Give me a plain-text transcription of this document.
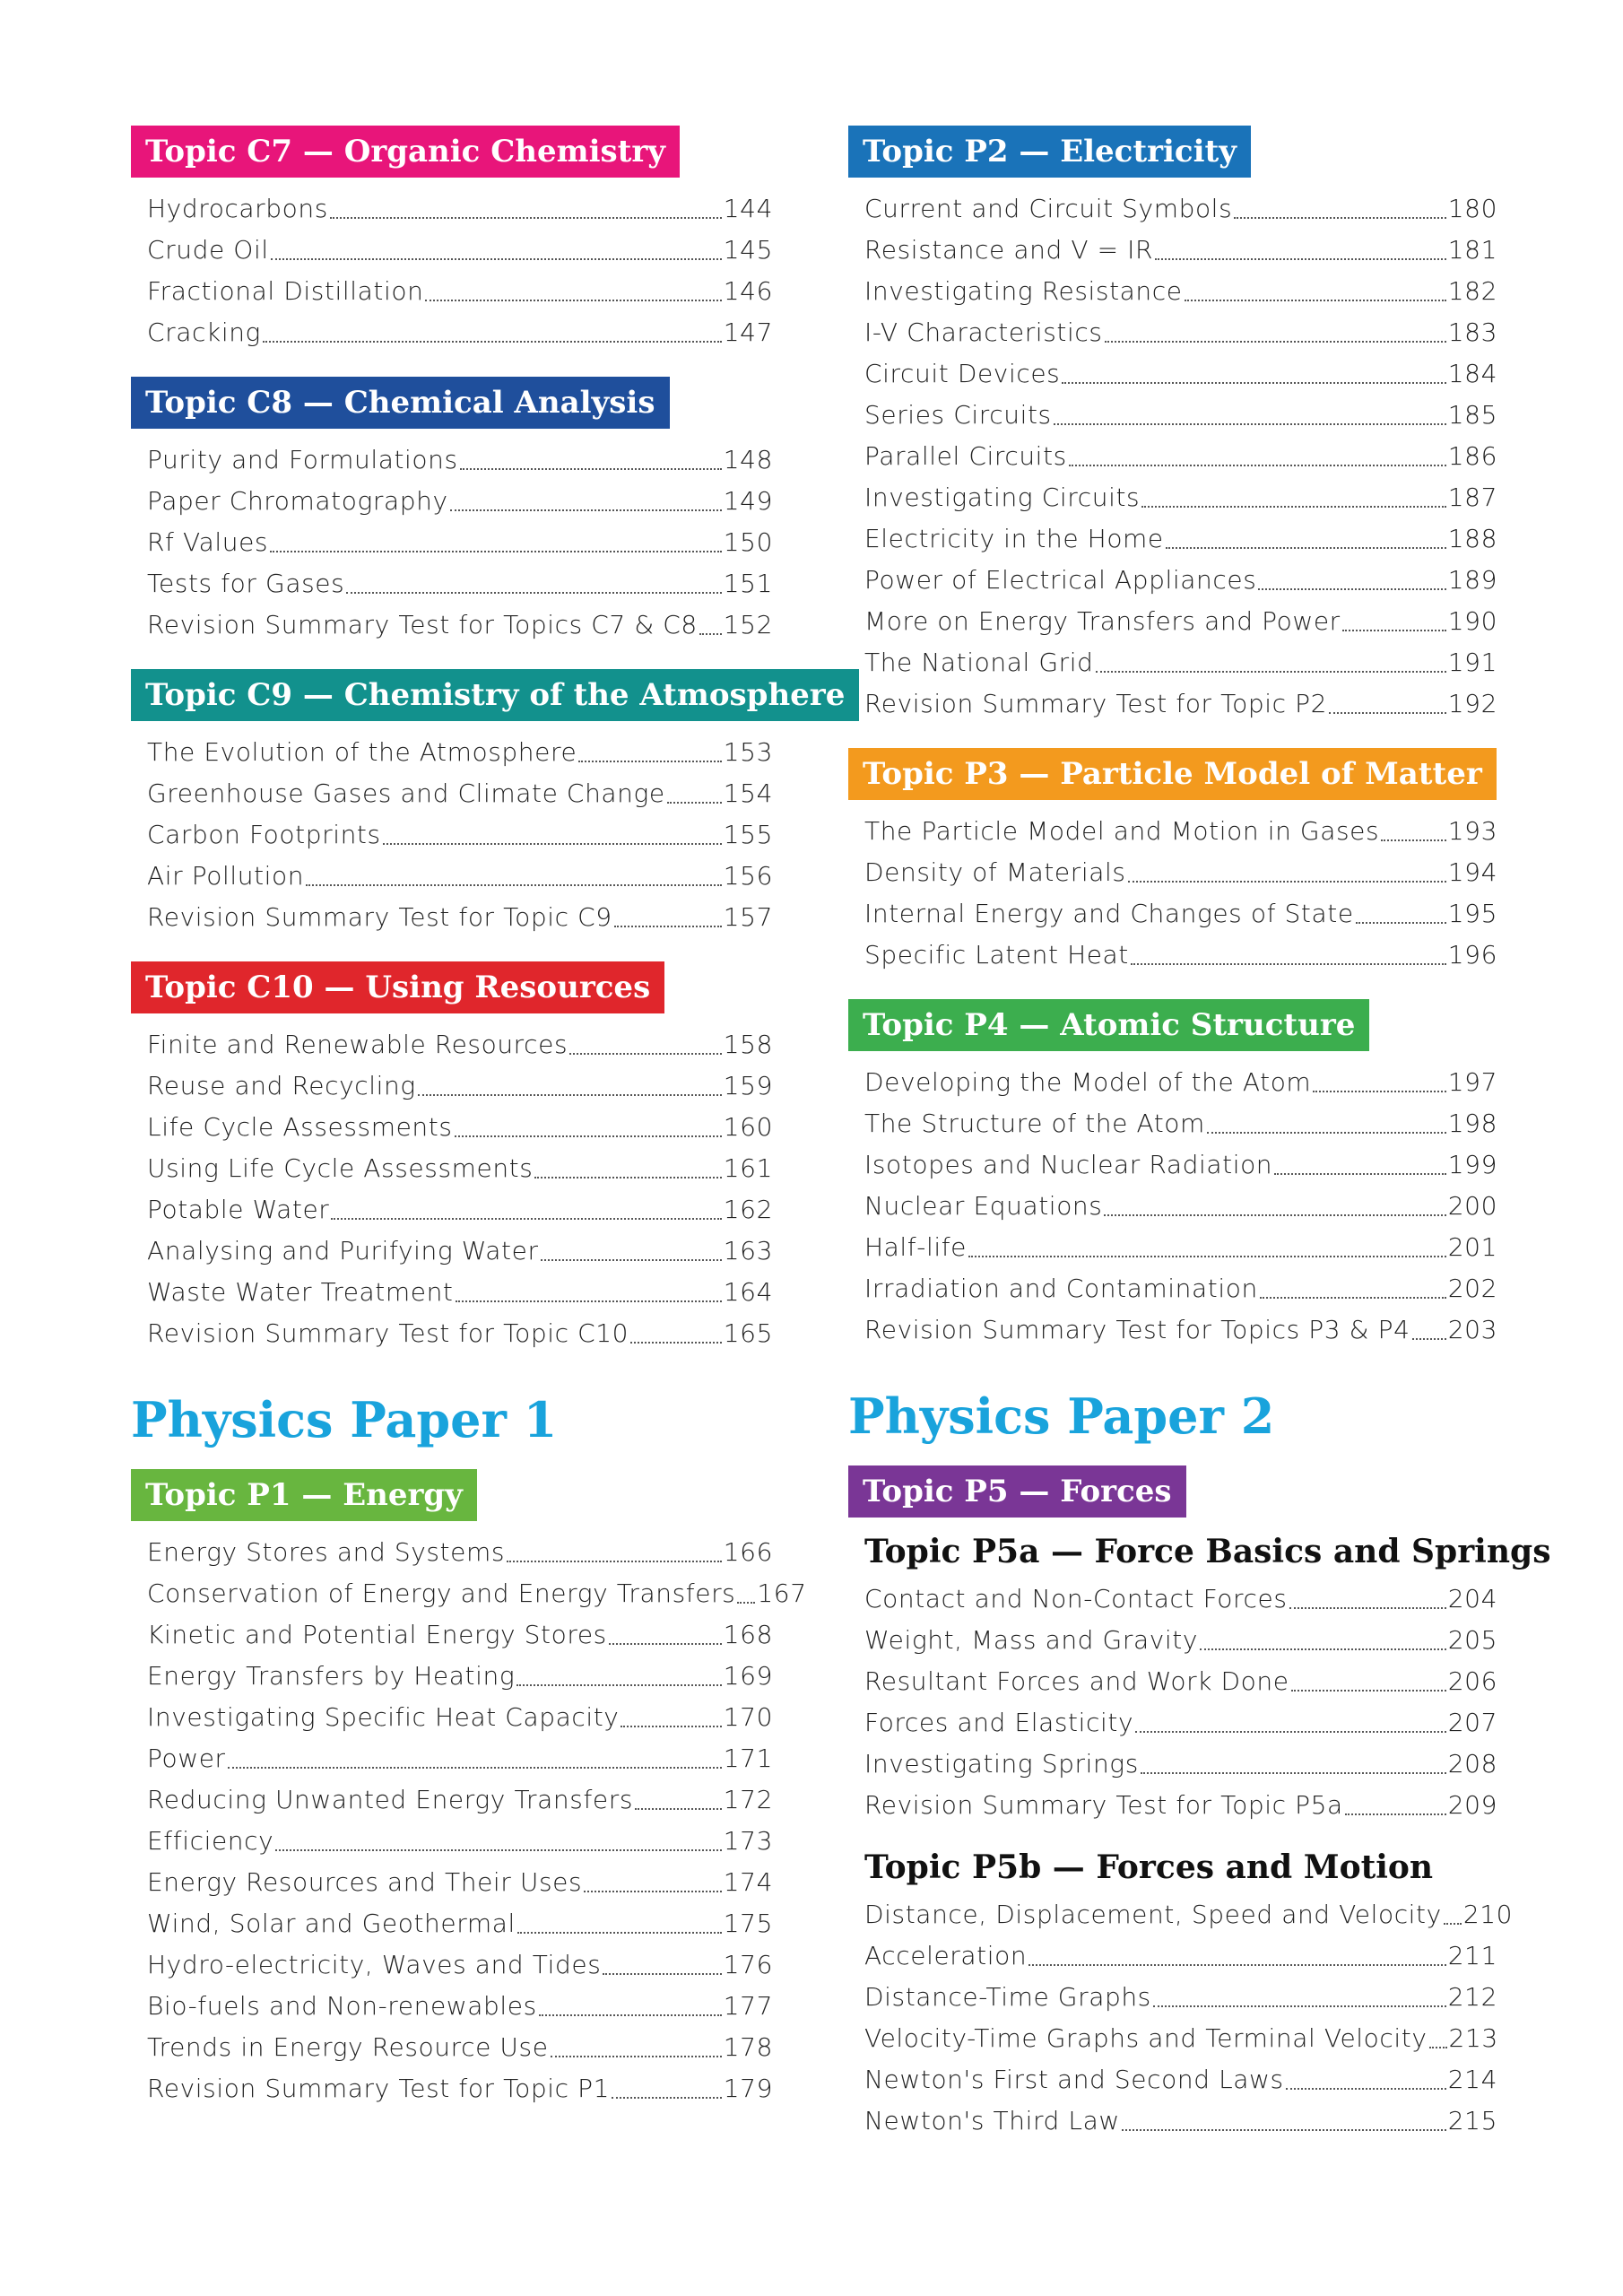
Topic C7 — Organic Chemistry
Hydrocarbons	144
Crude Oil	145
Fractional Distillation	146
Cracking	147
Topic C8 — Chemical Analysis
Purity and Formulations	148
Paper Chromatography	149
Rf Values	150
Tests for Gases	151
Revision Summary Test for Topics C7 & C8 152
Topic C9 — Chemistry of the Atmosphere
The Evolution of the Atmosphere	153
Greenhouse Gases and Climate Change 154
Carbon Footprints	155
Air Pollution	156
Revision Summary Test for Topic C9	157
Topic C10 — Using Resources
Finite and Renewable Resources	158
Reuse and Recycling	159
Life Cycle Assessments	160
Using Life Cycle Assessments	161
Potable Water	162
Analysing and Purifying Water	163
Waste Water Treatment	164
Revision Summary Test for Topic C10	165
Physics Paper 1
Topic P1 — Energy
Energy Stores and Systems	166
Conservation of Energy and Energy Transfers 167
Kinetic and Potential Energy Stores	168
Energy Transfers by Heating	169
Investigating Specific Heat Capacity	170
Power	171
Reducing Unwanted Energy Transfers	172
Efficiency	173
Energy Resources and Their Uses	174
Wind, Solar and Geothermal	175
Hydro-electricity, Waves and Tides	176
Bio-fuels and Non-renewables	177
Trends in Energy Resource Use	178
Revision Summary Test for Topic P1	179
Topic P2 — Electricity
Current and Circuit Symbols	180
Resistance and V = IR	181
Investigating Resistance	182
I-V Characteristics	183
Circuit Devices	184
Series Circuits	185
Parallel Circuits	186
Investigating Circuits	187
Electricity in the Home	188
Power of Electrical Appliances	189
More on Energy Transfers and Power	190
The National Grid	191
Revision Summary Test for Topic P2	192
Topic P3 — Particle Model of Matter
The Particle Model and Motion in Gases	193
Density of Materials	194
Internal Energy and Changes of State	195
Specific Latent Heat	196
Topic P4 — Atomic Structure
Developing the Model of the Atom	197
The Structure of the Atom	198
Isotopes and Nuclear Radiation	199
Nuclear Equations	200
Half-life	201
Irradiation and Contamination	202
Revision Summary Test for Topics P3 & P4 203
Physics Paper 2
Topic P5 — Forces
Topic P5a — Force Basics and Springs
Contact and Non-Contact Forces	204
Weight, Mass and Gravity	205
Resultant Forces and Work Done	206
Forces and Elasticity	207
Investigating Springs	208
Revision Summary Test for Topic P5a	209
Topic P5b — Forces and Motion
Distance, Displacement, Speed and Velocity 210
Acceleration	211
Distance-Time Graphs	212
Velocity-Time Graphs and Terminal Velocity 213
Newton's First and Second Laws	214
Newton's Third Law	215
